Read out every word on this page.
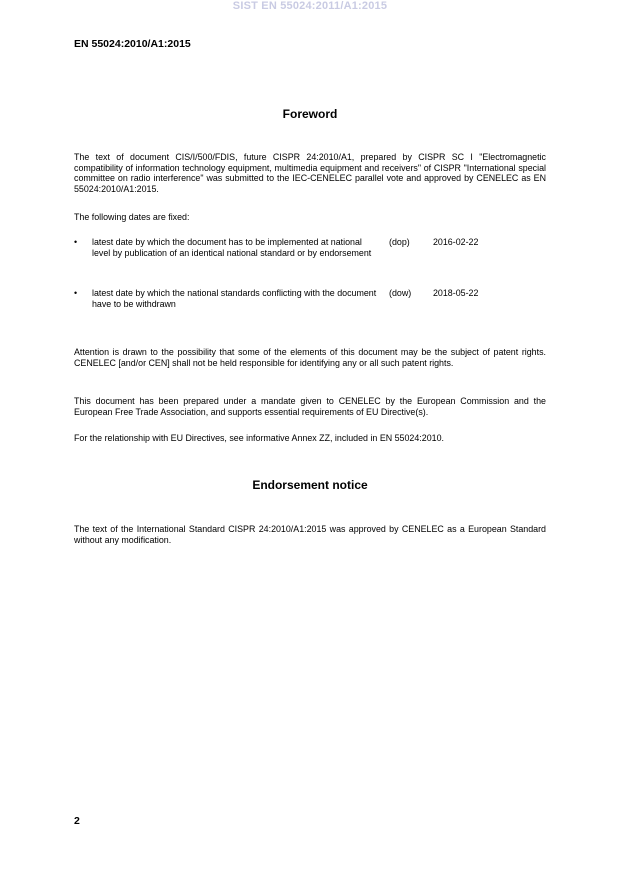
SIST EN 55024:2011/A1:2015
EN 55024:2010/A1:2015
Foreword
The text of document CIS/I/500/FDIS, future CISPR 24:2010/A1, prepared by CISPR SC I "Electromagnetic compatibility of information technology equipment, multimedia equipment and receivers" of CISPR "International special committee on radio interference" was submitted to the IEC-CENELEC parallel vote and approved by CENELEC as EN 55024:2010/A1:2015.
The following dates are fixed:
• latest date by which the document has to be implemented at national level by publication of an identical national standard or by endorsement
(dop)	2016-02-22
• latest date by which the national standards conflicting with the document have to be withdrawn
(dow) 2018-05-22
Attention is drawn to the possibility that some of the elements of this document may be the subject of patent rights. CENELEC [and/or CEN] shall not be held responsible for identifying any or all such patent rights.
This document has been prepared under a mandate given to CENELEC by the European Commission and the European Free Trade Association, and supports essential requirements of EU Directive(s).
For the relationship with EU Directives, see informative Annex ZZ, included in EN 55024:2010.
Endorsement notice
The text of the International Standard CISPR 24:2010/A1:2015 was approved by CENELEC as a European Standard without any modification.
2
